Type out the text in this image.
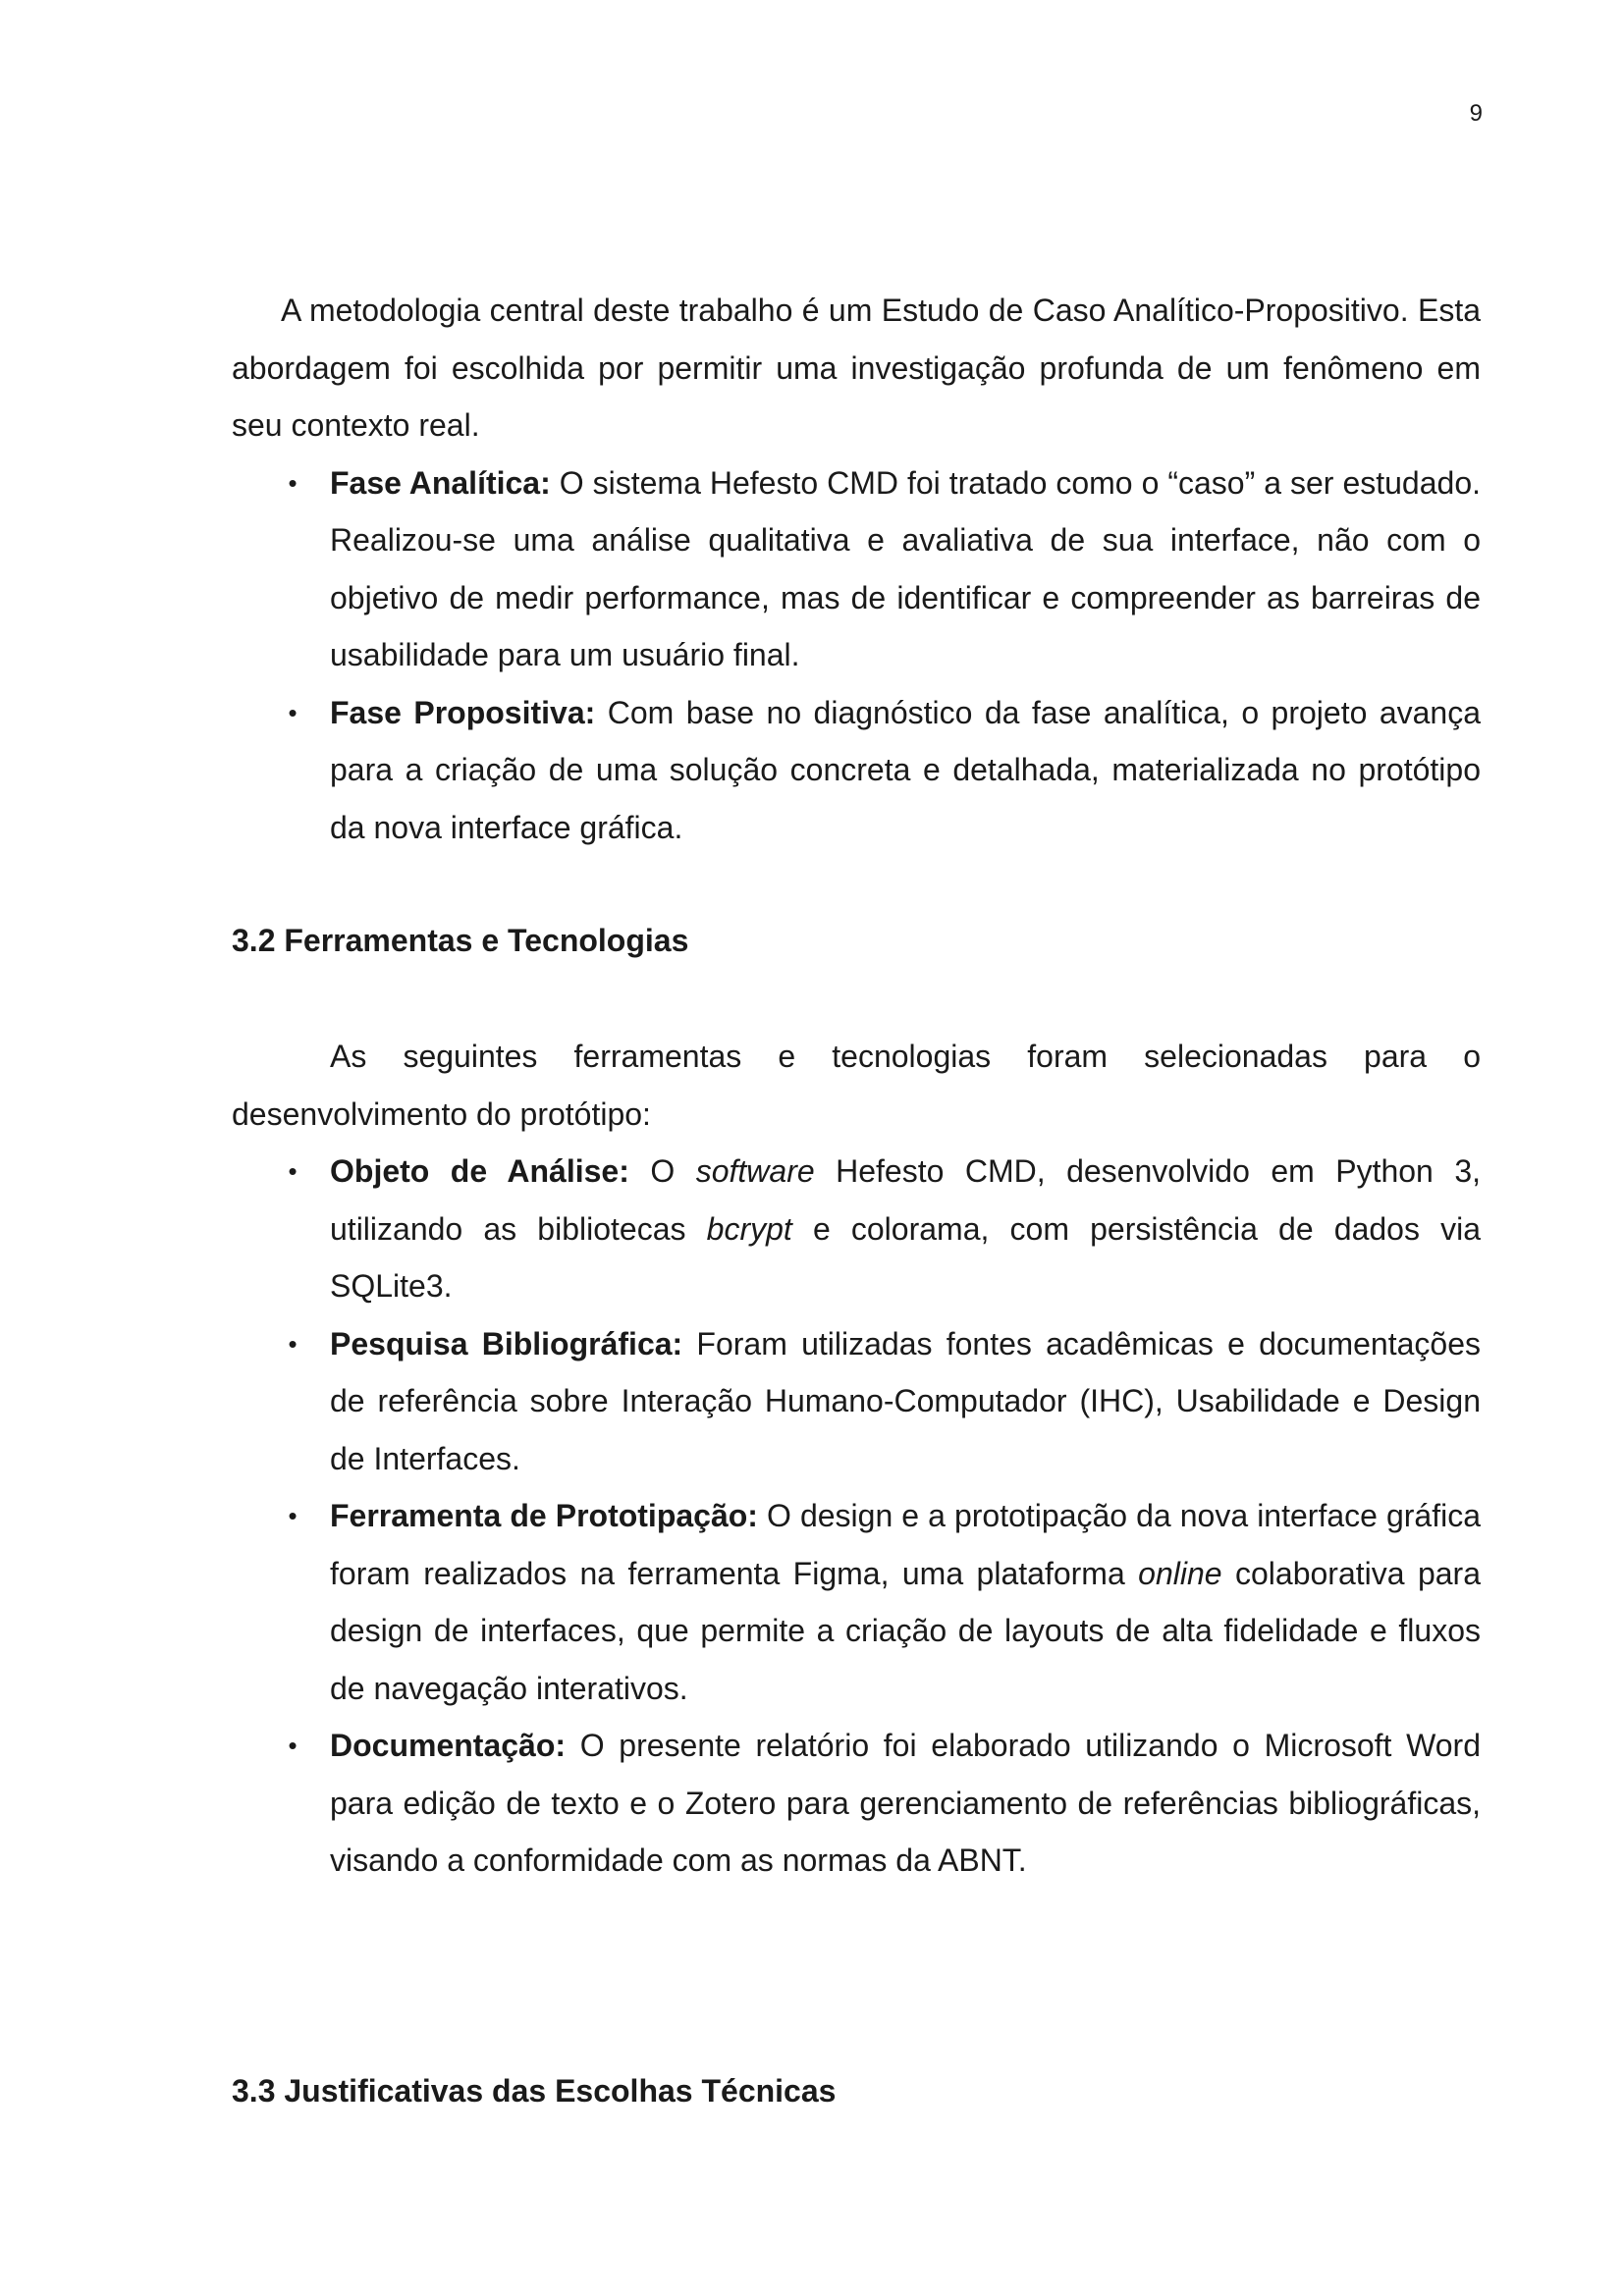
9

A metodologia central deste trabalho é um Estudo de Caso Analítico-Propositivo. Esta abordagem foi escolhida por permitir uma investigação profunda de um fenômeno em seu contexto real.

• Fase Analítica: O sistema Hefesto CMD foi tratado como o “caso” a ser estudado. Realizou-se uma análise qualitativa e avaliativa de sua interface, não com o objetivo de medir performance, mas de identificar e compreender as barreiras de usabilidade para um usuário final.
• Fase Propositiva: Com base no diagnóstico da fase analítica, o projeto avança para a criação de uma solução concreta e detalhada, materializada no protótipo da nova interface gráfica.
3.2 Ferramentas e Tecnologias

As seguintes ferramentas e tecnologias foram selecionadas para o desenvolvimento do protótipo:

• Objeto de Análise: O software Hefesto CMD, desenvolvido em Python 3, utilizando as bibliotecas bcrypt e colorama, com persistência de dados via SQLite3.
• Pesquisa Bibliográfica: Foram utilizadas fontes acadêmicas e documentações de referência sobre Interação Humano-Computador (IHC), Usabilidade e Design de Interfaces.
• Ferramenta de Prototipação: O design e a prototipação da nova interface gráfica foram realizados na ferramenta Figma, uma plataforma online colaborativa para design de interfaces, que permite a criação de layouts de alta fidelidade e fluxos de navegação interativos.
• Documentação: O presente relatório foi elaborado utilizando o Microsoft Word para edição de texto e o Zotero para gerenciamento de referências bibliográficas, visando a conformidade com as normas da ABNT.
3.3 Justificativas das Escolhas Técnicas
